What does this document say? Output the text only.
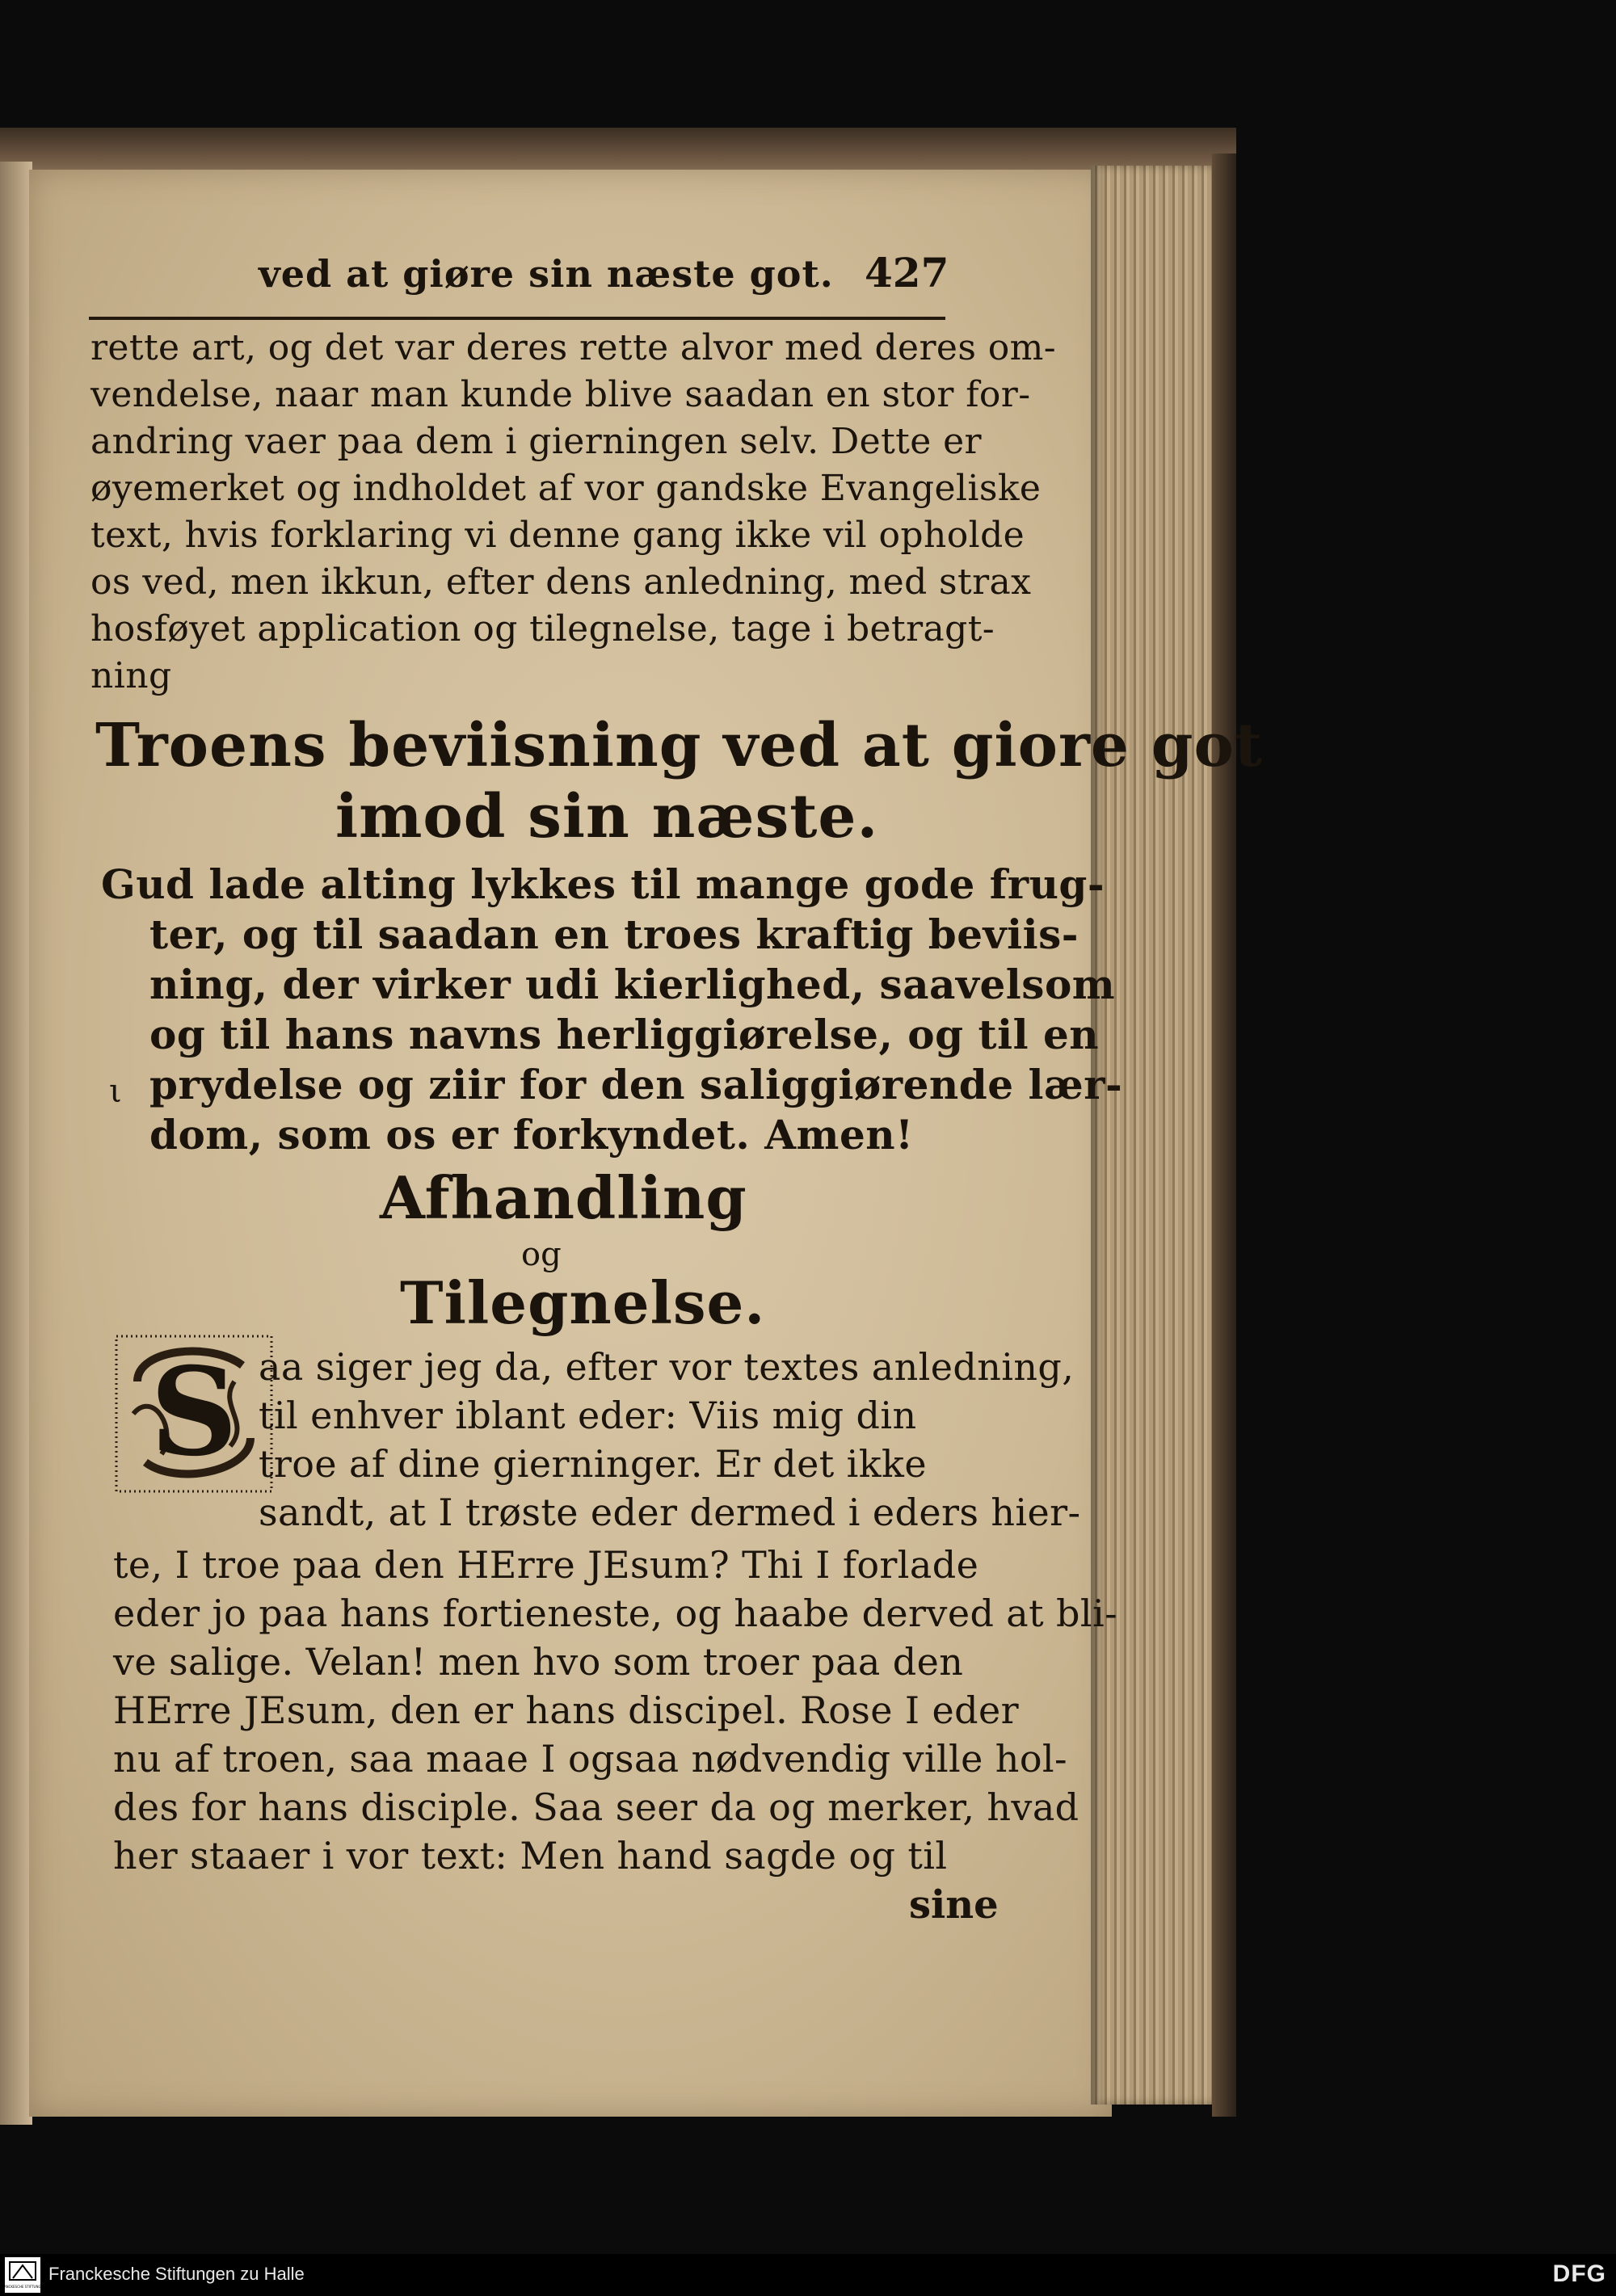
ved at giøre sin næste got. 427
rette art, og det var deres rette alvor med deres om-
vendelse, naar man kunde blive saadan en stor for-
andring vaer paa dem i gierningen selv. Dette er
øyemerket og indholdet af vor gandske Evangeliske
text, hvis forklaring vi denne gang ikke vil opholde
os ved, men ikkun, efter dens anledning, med strax
hosføyet application og tilegnelse, tage i betragt-
ning
Troens beviisning ved at giore got
imod sin næste.
Gud lade alting lykkes til mange gode frug-
ter, og til saadan en troes kraftig beviis-
ning, der virker udi kierlighed, saavelsom
og til hans navns herliggiørelse, og til en
prydelse og ziir for den saliggiørende lær-
dom, som os er forkyndet. Amen!
ι
Afhandling
og
Tilegnelse.
S aa siger jeg da, efter vor textes anledning,
til enhver iblant eder: Viis mig din
troe af dine gierninger. Er det ikke
sandt, at I trøste eder dermed i eders hier-
te, I troe paa den HErre JEsum? Thi I forlade
eder jo paa hans fortieneste, og haabe derved at bli-
ve salige. Velan! men hvo som troer paa den
HErre JEsum, den er hans discipel. Rose I eder
nu af troen, saa maae I ogsaa nødvendig ville hol-
des for hans disciple. Saa seer da og merker, hvad
her staaer i vor text: Men hand sagde og til
sine
FRANCKESCHE STIFTUNGEN
Franckesche Stiftungen zu Halle	DFG
